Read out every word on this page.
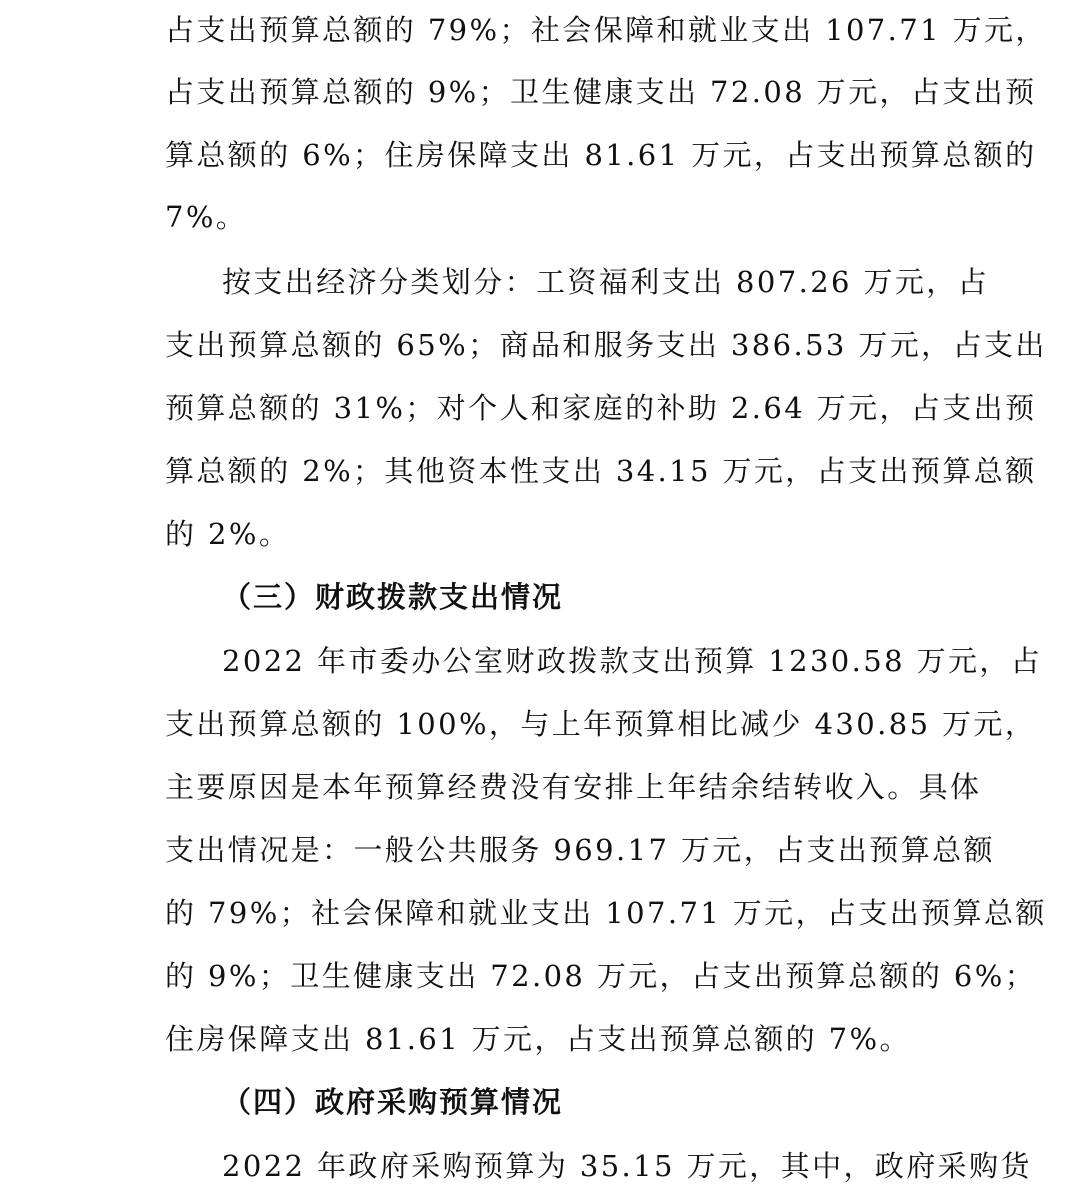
占支出预算总额的 79%；社会保障和就业支出 107.71 万元，
占支出预算总额的 9%；卫生健康支出 72.08 万元，占支出预
算总额的 6%；住房保障支出 81.61 万元，占支出预算总额的
7%。
按支出经济分类划分：工资福利支出 807.26 万元，占
支出预算总额的 65%；商品和服务支出 386.53 万元，占支出
预算总额的 31%；对个人和家庭的补助 2.64 万元，占支出预
算总额的 2%；其他资本性支出 34.15 万元，占支出预算总额
的 2%。
（三）财政拨款支出情况
2022 年市委办公室财政拨款支出预算 1230.58 万元，占
支出预算总额的 100%，与上年预算相比减少 430.85 万元，
主要原因是本年预算经费没有安排上年结余结转收入。具体
支出情况是：一般公共服务 969.17 万元，占支出预算总额
的 79%；社会保障和就业支出 107.71 万元，占支出预算总额
的 9%；卫生健康支出 72.08 万元，占支出预算总额的 6%；
住房保障支出 81.61 万元，占支出预算总额的 7%。
（四）政府采购预算情况
2022 年政府采购预算为 35.15 万元，其中，政府采购货
